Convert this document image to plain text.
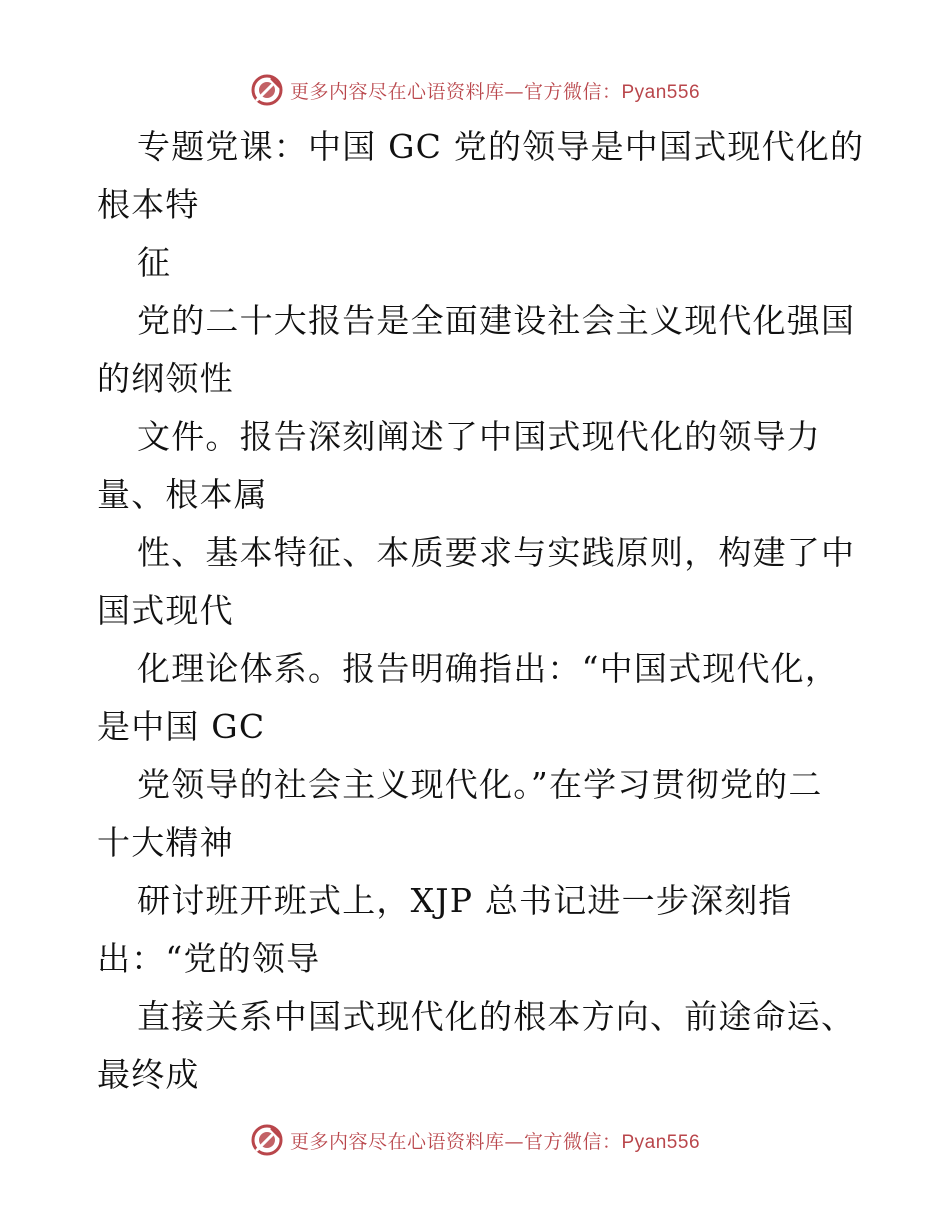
更多内容尽在心语资料库—官方微信：Pyan556
专题党课：中国 GC 党的领导是中国式现代化的
根本特
征
党的二十大报告是全面建设社会主义现代化强国
的纲领性
文件。报告深刻阐述了中国式现代化的领导力
量、根本属
性、基本特征、本质要求与实践原则，构建了中
国式现代
化理论体系。报告明确指出：“中国式现代化，
是中国 GC
党领导的社会主义现代化。”在学习贯彻党的二
十大精神
研讨班开班式上，XJP 总书记进一步深刻指
出：“党的领导
直接关系中国式现代化的根本方向、前途命运、
最终成
更多内容尽在心语资料库—官方微信：Pyan556
